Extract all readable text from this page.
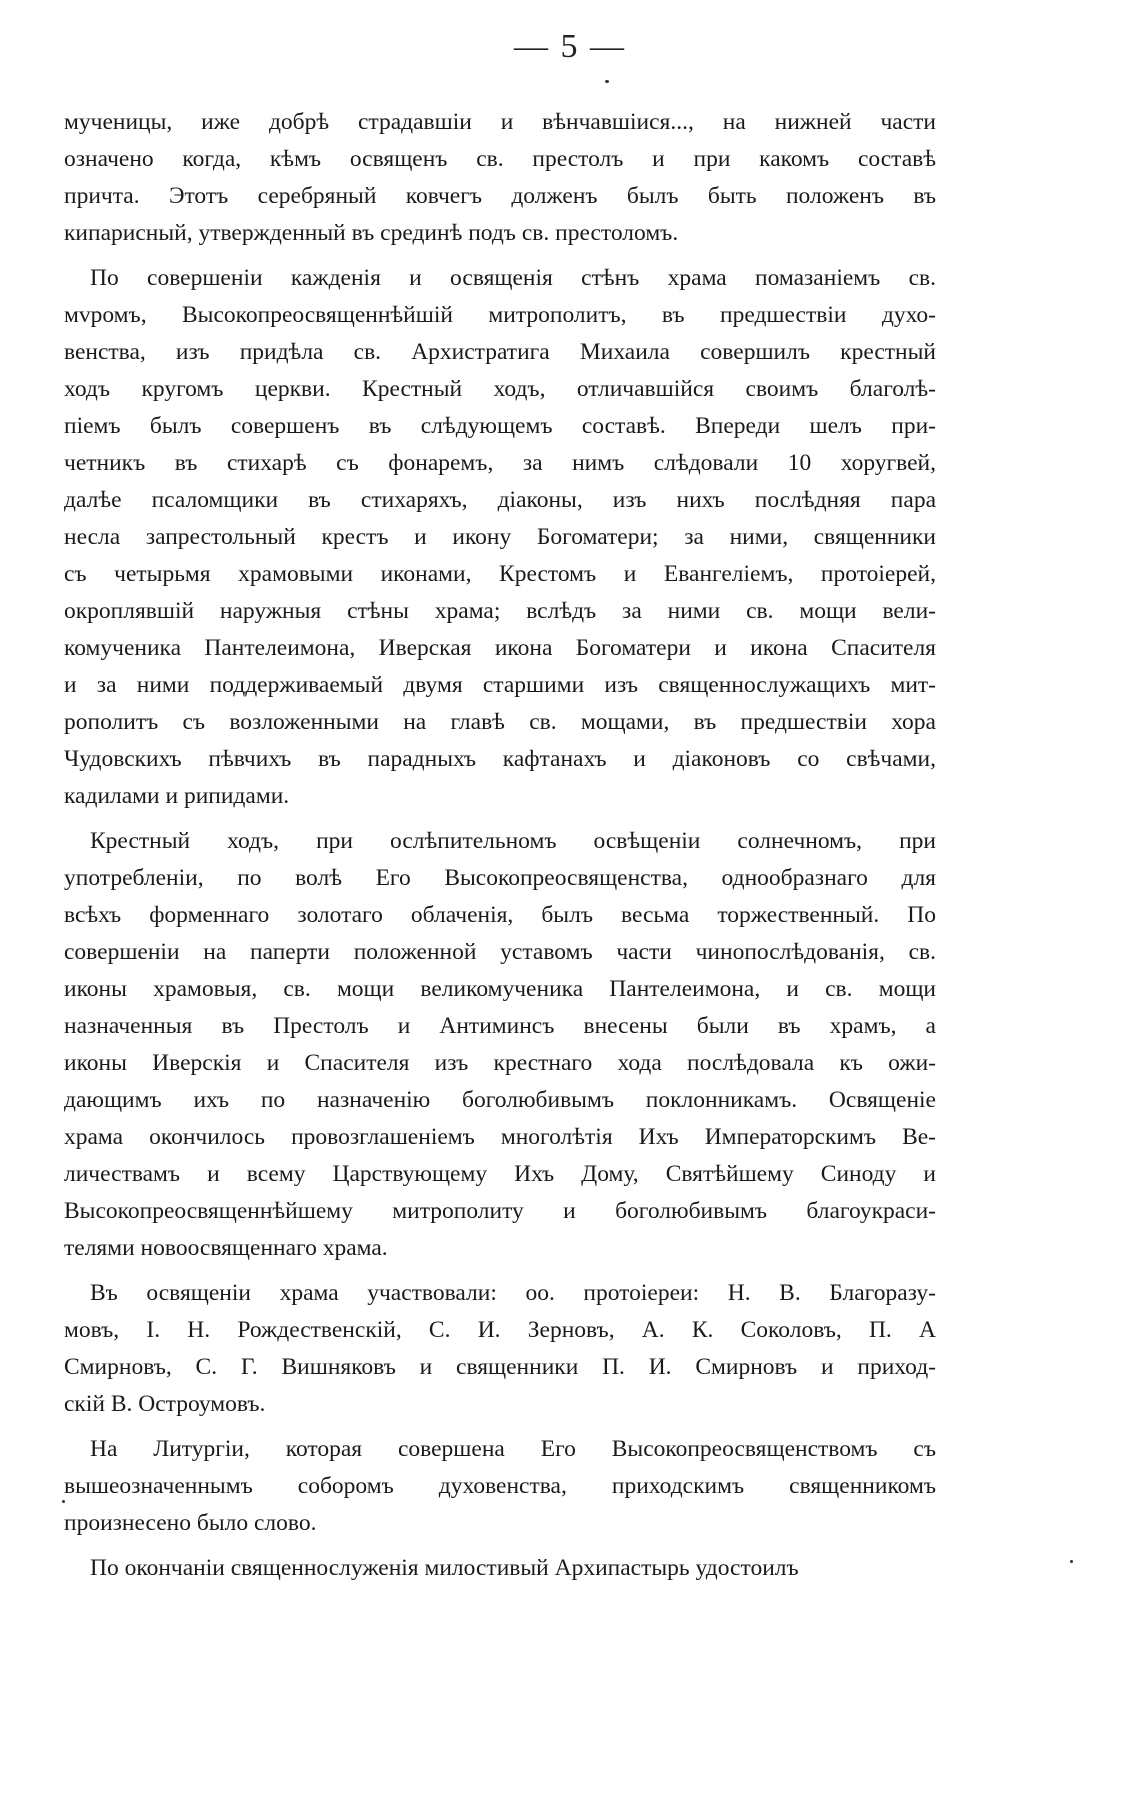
— 5 —
мученицы, иже добрѣ страдавшiи и вѣнчавшiися..., на нижней части
означено когда, кѣмъ освященъ св. престолъ и при какомъ составѣ
причта. Этотъ серебряный ковчегъ долженъ былъ быть положенъ въ
кипарисный, утвержденный въ срединѣ подъ св. престоломъ.
По совершенiи кажденiя и освященiя стѣнъ храма помазанiемъ св.
мvромъ, Высокопреосвященнѣйшiй митрополитъ, въ предшествiи духо-
венства, изъ придѣла св. Архистратига Михаила совершилъ крестный
ходъ кругомъ церкви. Крестный ходъ, отличавшiйся своимъ благолѣ-
пiемъ былъ совершенъ въ слѣдующемъ составѣ. Впереди шелъ при-
четникъ въ стихарѣ съ фонаремъ, за нимъ слѣдовали 10 хоругвей,
далѣе псаломщики въ стихаряхъ, дiаконы, изъ нихъ послѣдняя пара
несла запрестольный крестъ и икону Богоматери; за ними, священники
съ четырьмя храмовыми иконами, Крестомъ и Евангелiемъ, протоiерей,
окроплявшiй наружныя стѣны храма; вслѣдъ за ними св. мощи вели-
комученика Пантелеимона, Иверская икона Богоматери и икона Спасителя
и за ними поддерживаемый двумя старшими изъ священнослужащихъ мит-
рополитъ съ возложенными на главѣ св. мощами, въ предшествiи хора
Чудовскихъ пѣвчихъ въ парадныхъ кафтанахъ и дiаконовъ со свѣчами,
кадилами и рипидами.
Крестный ходъ, при ослѣпительномъ освѣщенiи солнечномъ, при
употребленiи, по волѣ Его Высокопреосвященства, однообразнаго для
всѣхъ форменнаго золотаго облаченiя, былъ весьма торжественный. По
совершенiи на паперти положенной уставомъ части чинопослѣдованiя, св.
иконы храмовыя, св. мощи великомученика Пантелеимона, и св. мощи
назначенныя въ Престолъ и Антиминсъ внесены были въ храмъ, а
иконы Иверскiя и Спасителя изъ крестнаго хода послѣдовала къ ожи-
дающимъ ихъ по назначенiю боголюбивымъ поклонникамъ. Освященiе
храма окончилось провозглашенiемъ многолѣтiя Ихъ Императорскимъ Ве-
личествамъ и всему Царствующему Ихъ Дому, Святѣйшему Синоду и
Высокопреосвященнѣйшему митрополиту и боголюбивымъ благоукраси-
телями новоосвященнаго храма.
Въ освященiи храма участвовали: оо. протоiереи: Н. В. Благоразу-
мовъ, I. Н. Рождественскiй, С. И. Зерновъ, А. К. Соколовъ, П. А
Смирновъ, С. Г. Вишняковъ и священники П. И. Смирновъ и приход-
скiй В. Остроумовъ.
На Литургiи, которая совершена Его Высокопреосвященствомъ съ
вышеозначеннымъ соборомъ духовенства, приходскимъ священникомъ
произнесено было слово.
По окончанiи священнослуженiя милостивый Архипастырь удостоилъ
